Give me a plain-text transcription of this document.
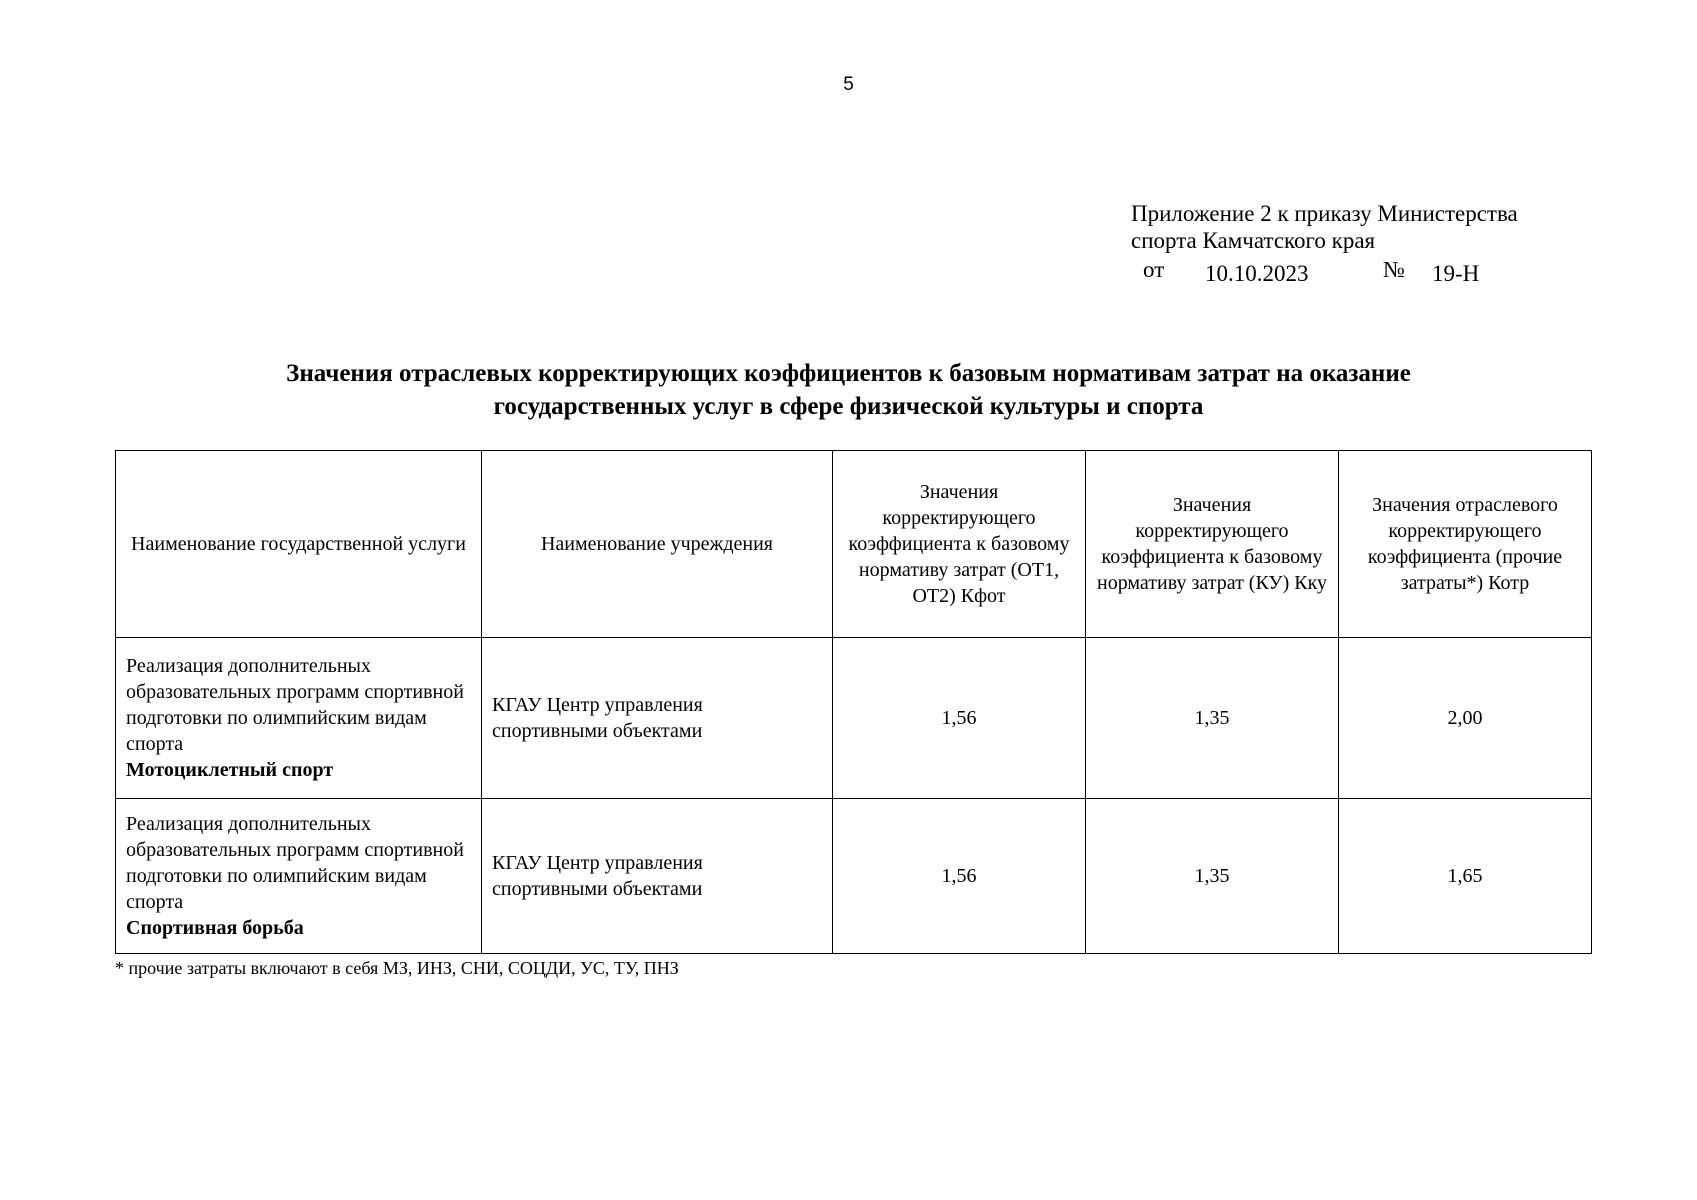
5
Приложение 2 к приказу Министерства
спорта Камчатского края
от 10.10.2023	№ 19-Н
Значения отраслевых корректирующих коэффициентов к базовым нормативам затрат на оказание
государственных услуг в сфере физической культуры и спорта
Наименование государственной услуги	Наименование учреждения	Значения корректирующего коэффициента к базовому нормативу затрат (ОТ1, ОТ2) Кфот	Значения корректирующего коэффициента к базовому нормативу затрат (КУ) Кку	Значения отраслевого корректирующего коэффициента (прочие затраты*) Котр

Реализация дополнительных образовательных программ спортивной подготовки по олимпийским видам спорта
Мотоциклетный спорт	КГАУ Центр управления спортивными объектами	1,56	1,35	2,00

Реализация дополнительных образовательных программ спортивной подготовки по олимпийским видам спорта
Спортивная борьба	КГАУ Центр управления спортивными объектами	1,56	1,35	1,65
* прочие затраты включают в себя МЗ, ИНЗ, СНИ, СОЦДИ, УС, ТУ, ПНЗ
